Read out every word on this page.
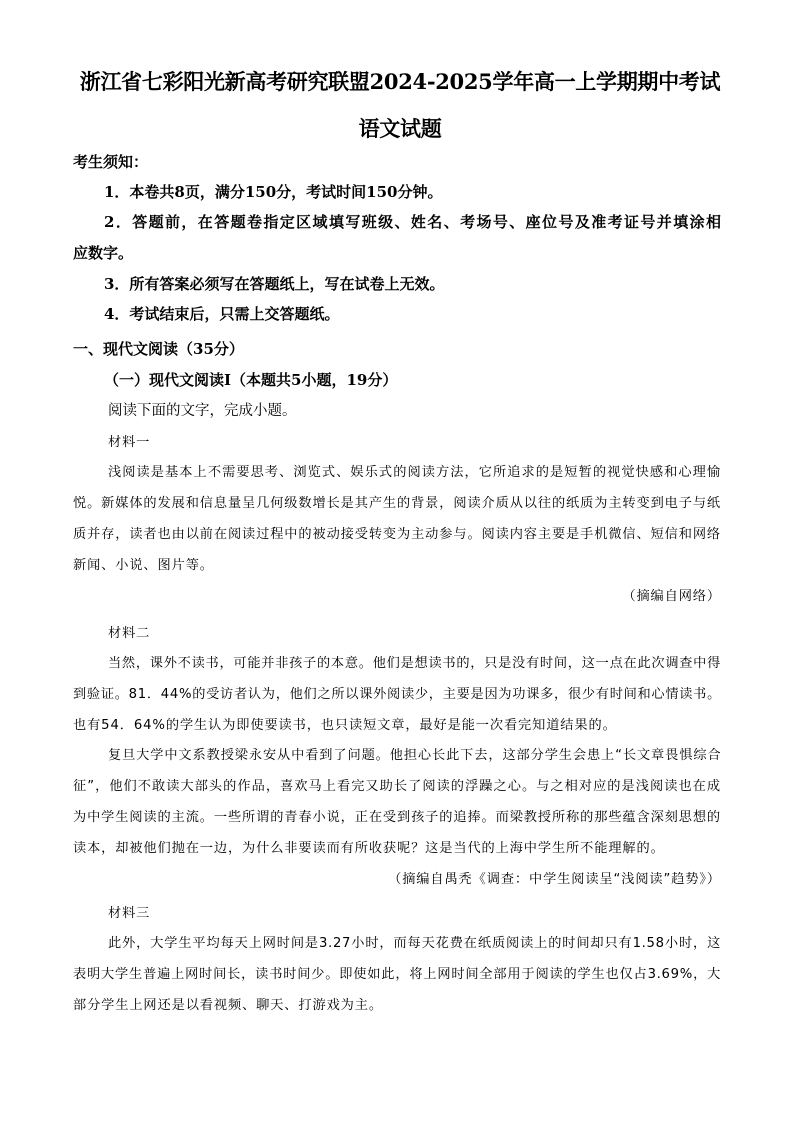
浙江省七彩阳光新高考研究联盟2024-2025学年高一上学期期中考试
语文试题
考生须知：
1．本卷共8页，满分150分，考试时间150分钟。
2．答题前，在答题卷指定区域填写班级、姓名、考场号、座位号及准考证号并填涂相
应数字。
3．所有答案必须写在答题纸上，写在试卷上无效。
4．考试结束后，只需上交答题纸。
一、现代文阅读（35分）
（一）现代文阅读Ⅰ（本题共5小题，19分）
阅读下面的文字，完成小题。
材料一
浅阅读是基本上不需要思考、浏览式、娱乐式的阅读方法，它所追求的是短暂的视觉快感和心理愉
悦。新媒体的发展和信息量呈几何级数增长是其产生的背景，阅读介质从以往的纸质为主转变到电子与纸
质并存，读者也由以前在阅读过程中的被动接受转变为主动参与。阅读内容主要是手机微信、短信和网络
新闻、小说、图片等。
（摘编自网络）
材料二
当然，课外不读书，可能并非孩子的本意。他们是想读书的，只是没有时间，这一点在此次调查中得
到验证。81．44%的受访者认为，他们之所以课外阅读少，主要是因为功课多，很少有时间和心情读书。
也有54．64%的学生认为即使要读书，也只读短文章，最好是能一次看完知道结果的。
复旦大学中文系教授梁永安从中看到了问题。他担心长此下去，这部分学生会患上“长文章畏惧综合
征”，他们不敢读大部头的作品，喜欢马上看完又助长了阅读的浮躁之心。与之相对应的是浅阅读也在成
为中学生阅读的主流。一些所谓的青春小说，正在受到孩子的追捧。而梁教授所称的那些蕴含深刻思想的
读本，却被他们抛在一边，为什么非要读而有所收获呢？这是当代的上海中学生所不能理解的。
（摘编自禺秃《调查：中学生阅读呈“浅阅读”趋势》）
材料三
此外，大学生平均每天上网时间是3.27小时，而每天花费在纸质阅读上的时间却只有1.58小时，这
表明大学生普遍上网时间长，读书时间少。即使如此，将上网时间全部用于阅读的学生也仅占3.69%，大
部分学生上网还是以看视频、聊天、打游戏为主。
